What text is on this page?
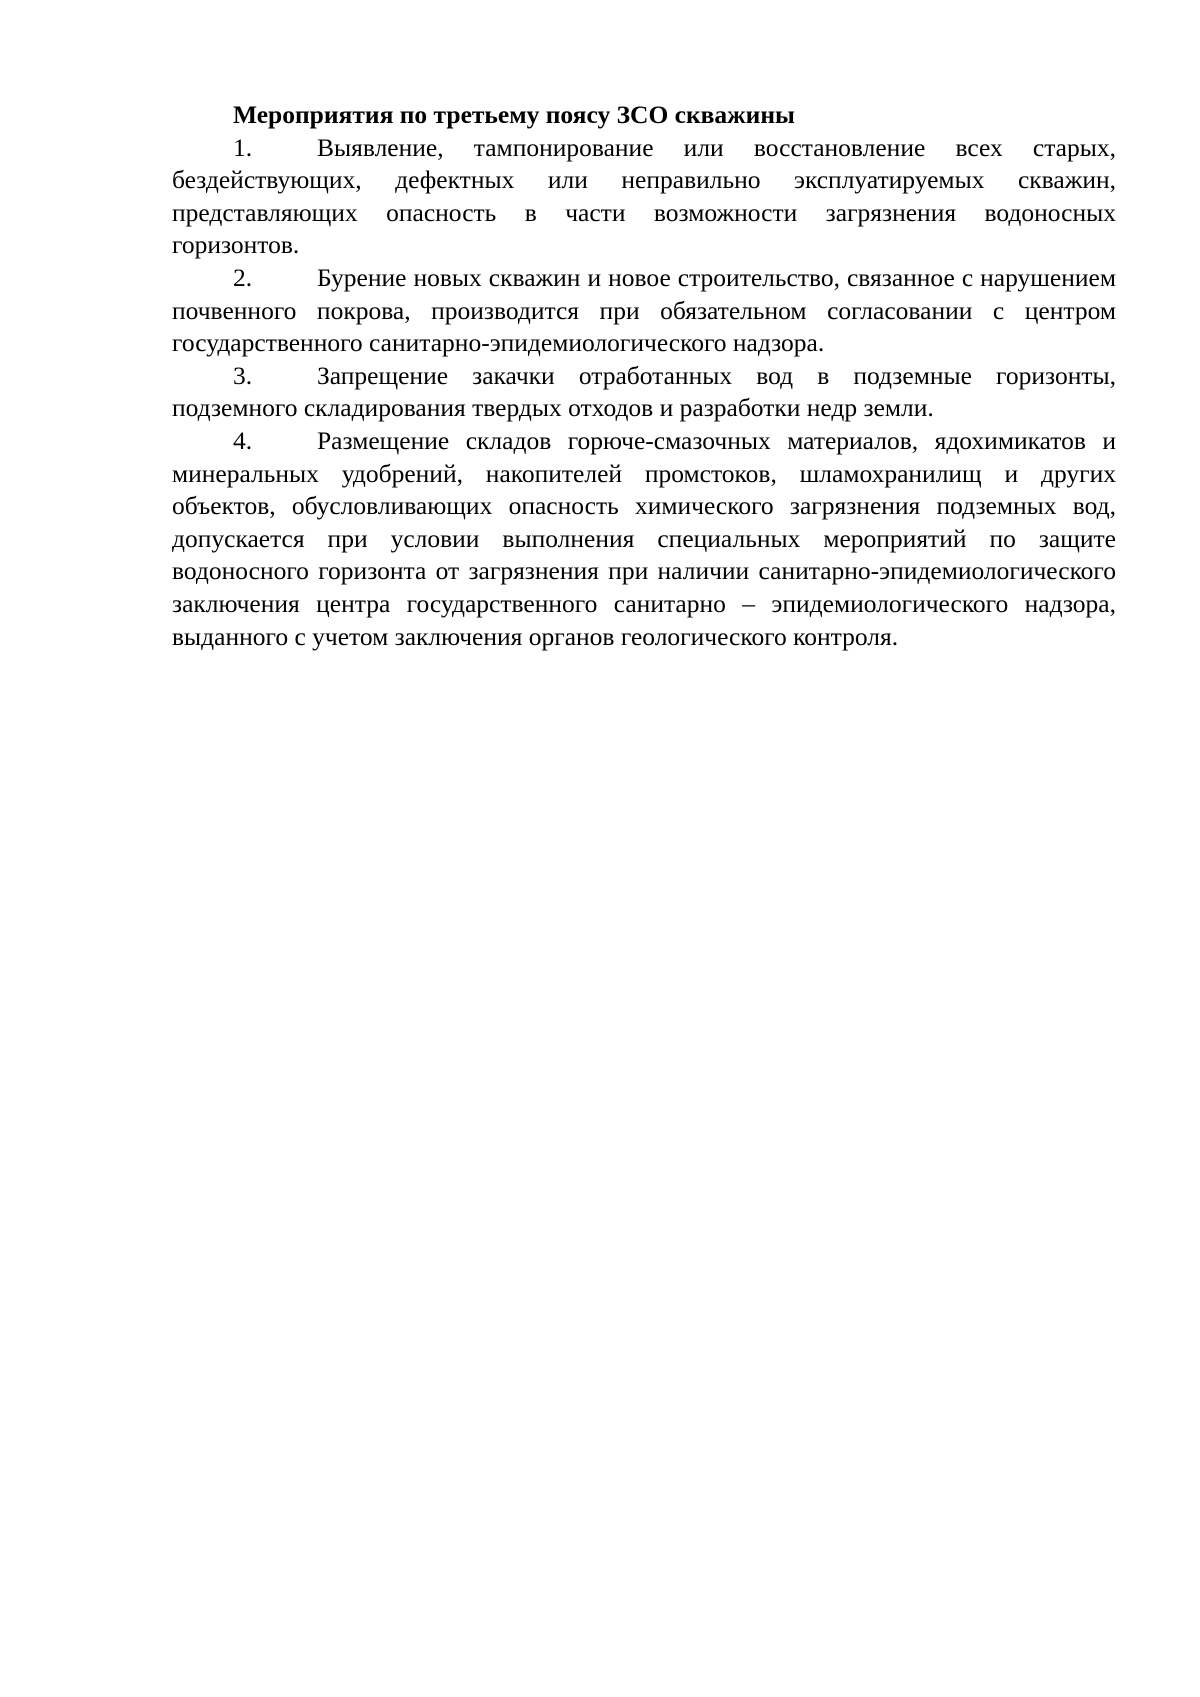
Мероприятия по третьему поясу ЗСО скважины

1.	Выявление, тампонирование или восстановление всех старых, бездействующих, дефектных или неправильно эксплуатируемых скважин, представляющих опасность в части возможности загрязнения водоносных горизонтов.

2.	Бурение новых скважин и новое строительство, связанное с нарушением почвенного покрова, производится при обязательном согласовании с центром государственного санитарно-эпидемиологического надзора.

3.	Запрещение закачки отработанных вод в подземные горизонты, подземного складирования твердых отходов и разработки недр земли.

4.	Размещение складов горюче-смазочных материалов, ядохимикатов и минеральных удобрений, накопителей промстоков, шламохранилищ и других объектов, обусловливающих опасность химического загрязнения подземных вод, допускается при условии выполнения специальных мероприятий по защите водоносного горизонта от загрязнения при наличии санитарно-эпидемиологического заключения центра государственного санитарно – эпидемиологического надзора, выданного с учетом заключения органов геологического контроля.
